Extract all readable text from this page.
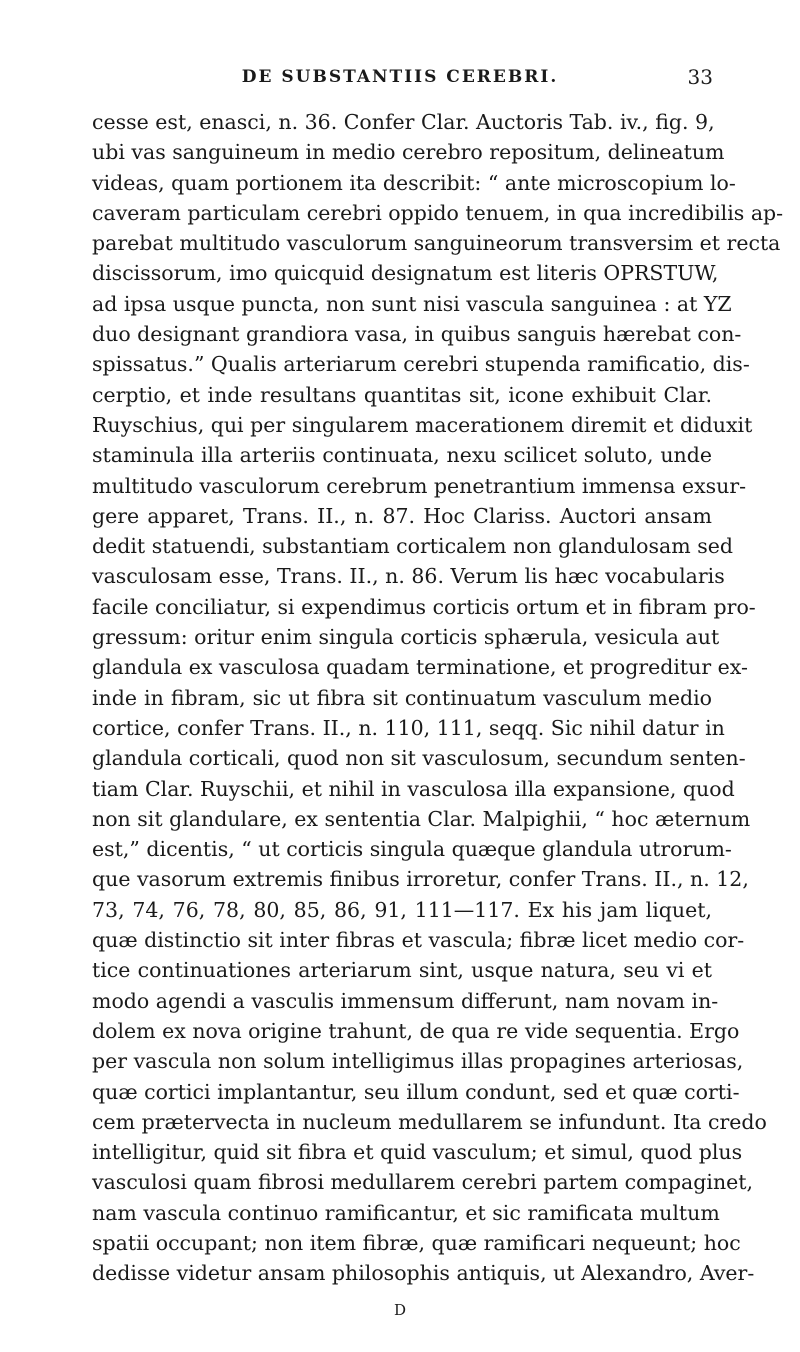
DE SUBSTANTIIS CEREBRI.	33
cesse est, enasci, n. 36. Confer Clar. Auctoris Tab. iv., fig. 9,
ubi vas sanguineum in medio cerebro repositum, delineatum
videas, quam portionem ita describit: “ ante microscopium lo-
caveram particulam cerebri oppido tenuem, in qua incredibilis ap-
parebat multitudo vasculorum sanguineorum transversim et recta
discissorum, imo quicquid designatum est literis OPRSTUW,
ad ipsa usque puncta, non sunt nisi vascula sanguinea : at YZ
duo designant grandiora vasa, in quibus sanguis hærebat con-
spissatus.” Qualis arteriarum cerebri stupenda ramificatio, dis-
cerptio, et inde resultans quantitas sit, icone exhibuit Clar.
Ruyschius, qui per singularem macerationem diremit et diduxit
staminula illa arteriis continuata, nexu scilicet soluto, unde
multitudo vasculorum cerebrum penetrantium immensa exsur-
gere apparet, Trans. II., n. 87. Hoc Clariss. Auctori ansam
dedit statuendi, substantiam corticalem non glandulosam sed
vasculosam esse, Trans. II., n. 86. Verum lis hæc vocabularis
facile conciliatur, si expendimus corticis ortum et in fibram pro-
gressum: oritur enim singula corticis sphærula, vesicula aut
glandula ex vasculosa quadam terminatione, et progreditur ex-
inde in fibram, sic ut fibra sit continuatum vasculum medio
cortice, confer Trans. II., n. 110, 111, seqq. Sic nihil datur in
glandula corticali, quod non sit vasculosum, secundum senten-
tiam Clar. Ruyschii, et nihil in vasculosa illa expansione, quod
non sit glandulare, ex sententia Clar. Malpighii, “ hoc æternum
est,” dicentis, “ ut corticis singula quæque glandula utrorum-
que vasorum extremis finibus irroretur, confer Trans. II., n. 12,
73, 74, 76, 78, 80, 85, 86, 91, 111—117. Ex his jam liquet,
quæ distinctio sit inter fibras et vascula; fibræ licet medio cor-
tice continuationes arteriarum sint, usque natura, seu vi et
modo agendi a vasculis immensum differunt, nam novam in-
dolem ex nova origine trahunt, de qua re vide sequentia. Ergo
per vascula non solum intelligimus illas propagines arteriosas,
quæ cortici implantantur, seu illum condunt, sed et quæ corti-
cem prætervecta in nucleum medullarem se infundunt. Ita credo
intelligitur, quid sit fibra et quid vasculum; et simul, quod plus
vasculosi quam fibrosi medullarem cerebri partem compaginet,
nam vascula continuo ramificantur, et sic ramificata multum
spatii occupant; non item fibræ, quæ ramificari nequeunt; hoc
dedisse videtur ansam philosophis antiquis, ut Alexandro, Aver-
D
